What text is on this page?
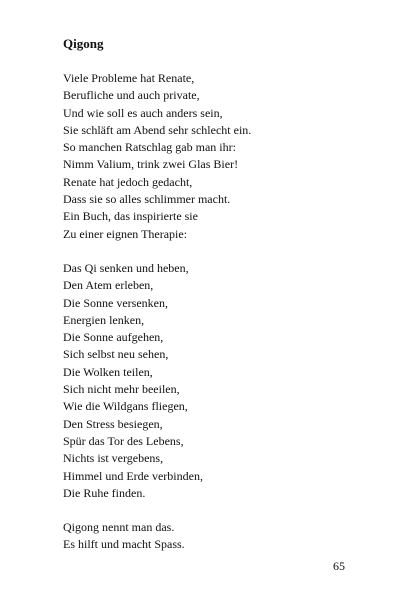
Qigong
Viele Probleme hat Renate,
Berufliche und auch private,
Und wie soll es auch anders sein,
Sie schläft am Abend sehr schlecht ein.
So manchen Ratschlag gab man ihr:
Nimm Valium, trink zwei Glas Bier!
Renate hat jedoch gedacht,
Dass sie so alles schlimmer macht.
Ein Buch, das inspirierte sie
Zu einer eignen Therapie:
Das Qi senken und heben,
Den Atem erleben,
Die Sonne versenken,
Energien lenken,
Die Sonne aufgehen,
Sich selbst neu sehen,
Die Wolken teilen,
Sich nicht mehr beeilen,
Wie die Wildgans fliegen,
Den Stress besiegen,
Spür das Tor des Lebens,
Nichts ist vergebens,
Himmel und Erde verbinden,
Die Ruhe finden.
Qigong nennt man das.
Es hilft und macht Spass.
65
